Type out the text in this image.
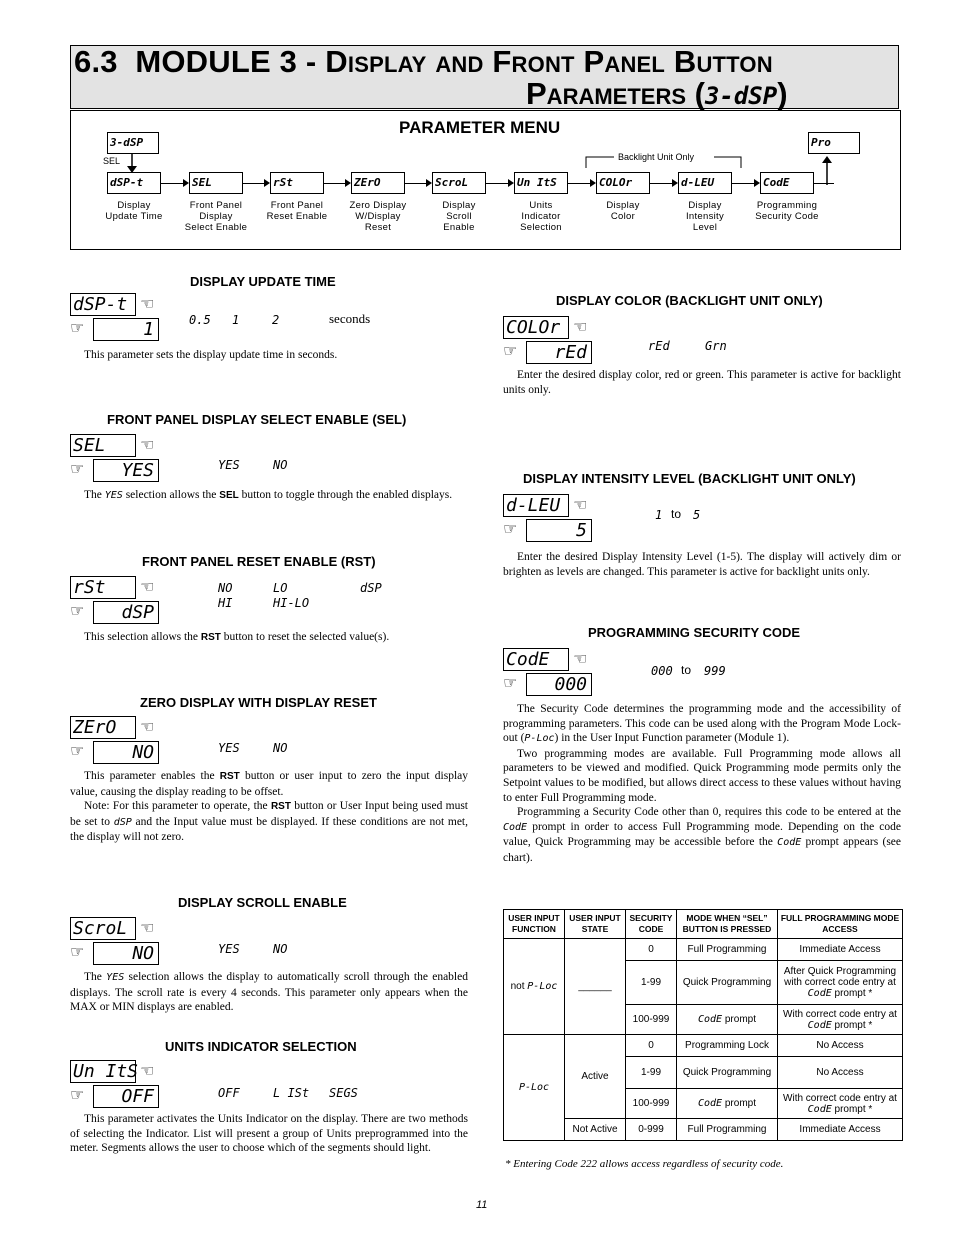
6.3 MODULE 3 - Display and Front Panel Button
Parameters (3-dSP)
PARAMETER MENU
3-dSP
SEL
Pro
Backlight Unit Only
dSP-t
Display
Update Time
SEL
Front Panel
Display
Select Enable
rSt
Front Panel
Reset Enable
ZErO
Zero Display
W/Display
Reset
ScroL
Display
Scroll
Enable
Un ItS
Units
Indicator
Selection
COLOr
Display
Color
d-LEU
Display
Intensity
Level
CodE
Programming
Security Code
DISPLAY UPDATE TIME
dSP-t ☜
☞	1	0.5 1	2	seconds
This parameter sets the display update time in seconds.
FRONT PANEL DISPLAY SELECT ENABLE (SEL)
SEL	☜
☞	YES	YES	NO

The YES selection allows the SEL button to toggle through the enabled displays.

FRONT PANEL RESET ENABLE (RST)
rSt	☜
☞	dSP
NO	LO	dSP
HI	HI-LO
This selection allows the RST button to reset the selected value(s).
ZERO DISPLAY WITH DISPLAY RESET
ZErO	☜
☞	NO	YES	NO

This parameter enables the RST button or user input to zero the input display value, causing the display reading to be offset.

Note: For this parameter to operate, the RST button or User Input being used must be set to dSP and the Input value must be displayed. If these conditions are not met, the display will not zero.

DISPLAY SCROLL ENABLE
ScroL ☜
☞	NO	YES	NO

The YES selection allows the display to automatically scroll through the enabled displays. The scroll rate is every 4 seconds. This parameter only appears when the MAX or MIN displays are enabled.

UNITS INDICATOR SELECTION
Un ItS ☜
☞	OFF	OFF	L ISt SEGS

This parameter activates the Units Indicator on the display. There are two methods of selecting the Indicator. List will present a group of Units preprogrammed into the meter. Segments allows the user to choose which of the segments should light.

DISPLAY COLOR (BACKLIGHT UNIT ONLY)
COLOr ☜
☞	rEd	rEd	Grn

Enter the desired display color, red or green. This parameter is active for backlight units only.

DISPLAY INTENSITY LEVEL (BACKLIGHT UNIT ONLY)
d-LEU ☜
☞	5
1 to 5

Enter the desired Display Intensity Level (1-5). The display will actively dim or brighten as levels are changed. This parameter is active for backlight units only.

PROGRAMMING SECURITY CODE
CodE	☜
☞	000
000 to 999

The Security Code determines the programming mode and the accessibility of programming parameters. This code can be used along with the Program Mode Lock-out (P-Loc) in the User Input Function parameter (Module 1).

Two programming modes are available. Full Programming mode allows all parameters to be viewed and modified. Quick Programming mode permits only the Setpoint values to be modified, but allows direct access to these values without having to enter Full Programming mode.

Programming a Security Code other than 0, requires this code to be entered at the CodE prompt in order to access Full Programming mode. Depending on the code value, Quick Programming may be accessible before the CodE prompt appears (see chart).

USER INPUT FUNCTION	USER INPUT STATE	SECURITY CODE	MODE WHEN “SEL” BUTTON IS PRESSED	FULL PROGRAMMING MODE ACCESS
not P-Loc	______	0	Full Programming	Immediate Access
		1-99	Quick Programming	After Quick Programming with correct code entry at CodE prompt *
		100-999	CodE prompt	With correct code entry at CodE prompt *
P-Loc	Active	0	Programming Lock	No Access
		1-99	Quick Programming	No Access
		100-999	CodE prompt	With correct code entry at CodE prompt *
	Not Active	0-999	Full Programming	Immediate Access
* Entering Code 222 allows access regardless of security code.
11
